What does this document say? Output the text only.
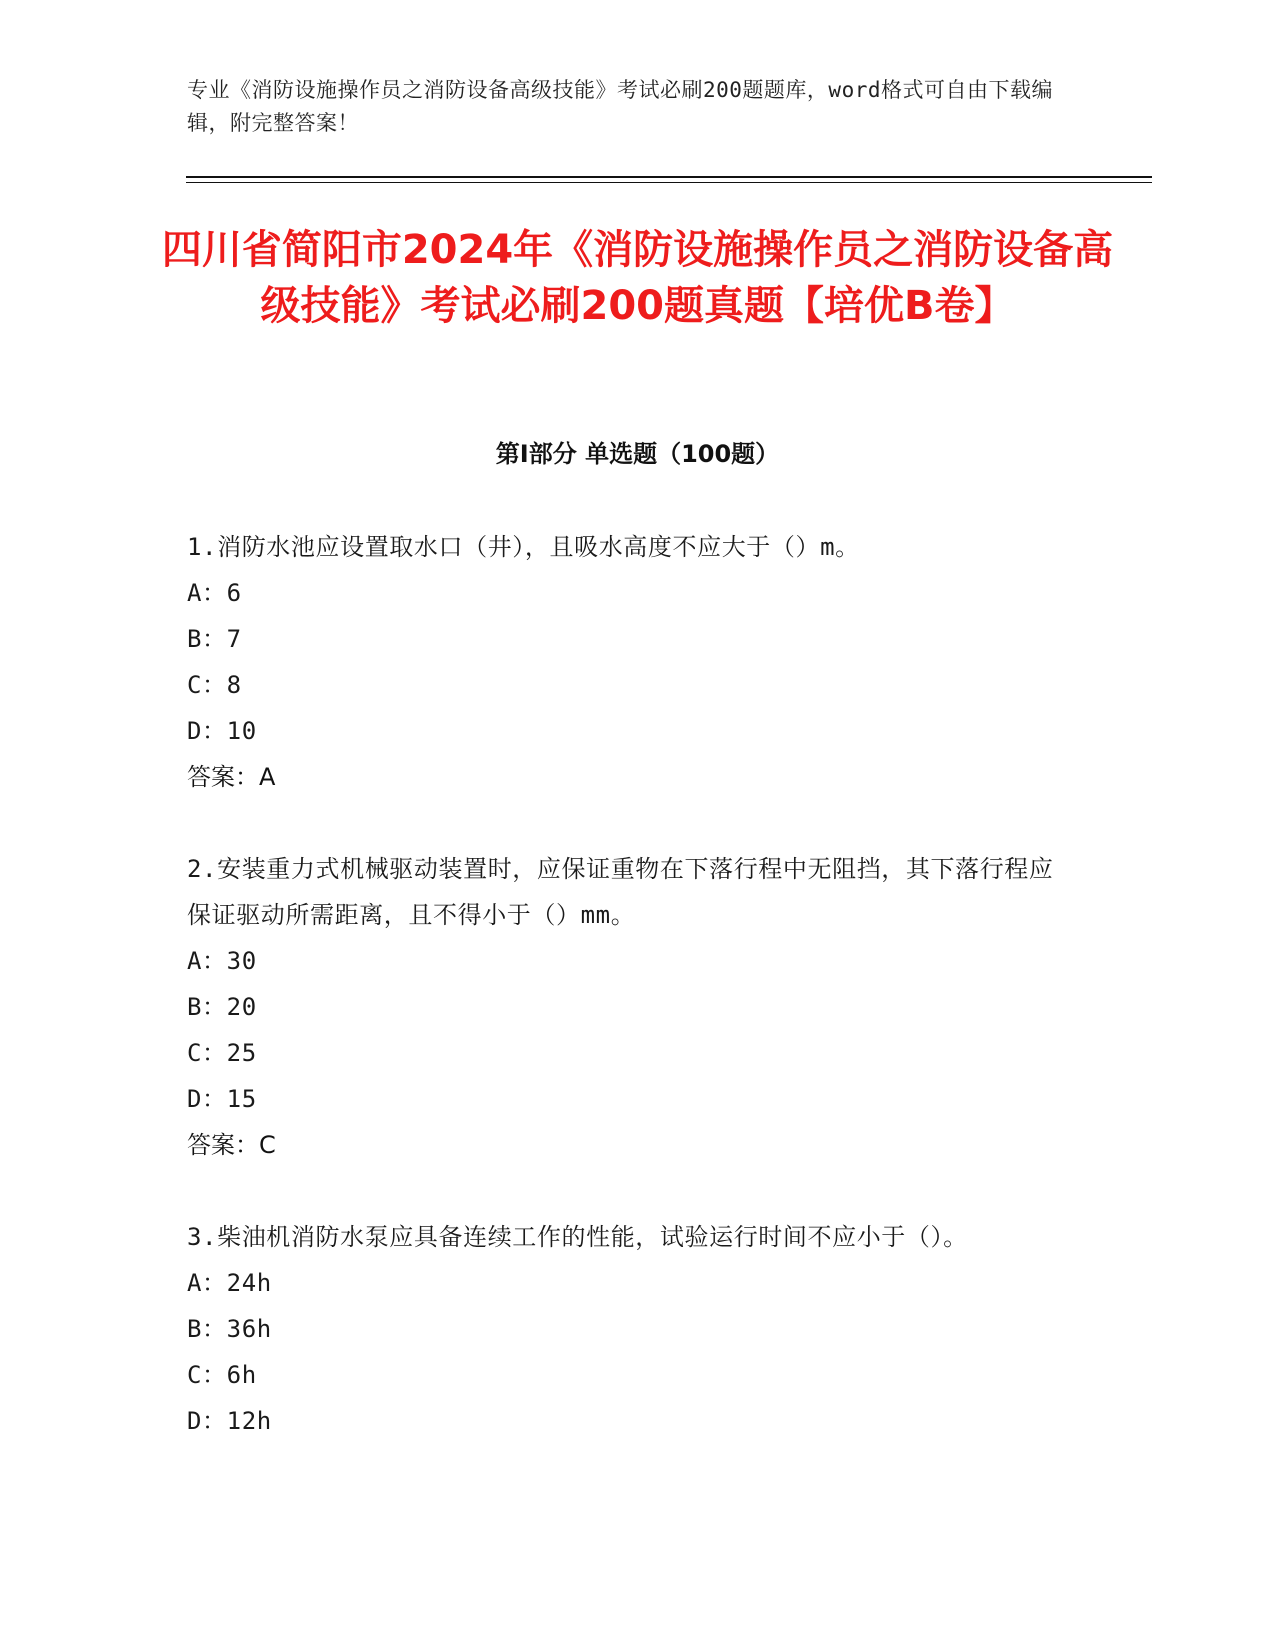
专业《消防设施操作员之消防设备高级技能》考试必刷200题题库，word格式可自由下载编辑，附完整答案！
四川省简阳市2024年《消防设施操作员之消防设备高级技能》考试必刷200题真题【培优B卷】
第Ⅰ部分 单选题（100题）
1.消防水池应设置取水口（井），且吸水高度不应大于（）m。
A：6
B：7
C：8
D：10
答案：A
2.安装重力式机械驱动装置时，应保证重物在下落行程中无阻挡，其下落行程应保证驱动所需距离，且不得小于（）mm。
A：30
B：20
C：25
D：15
答案：C
3.柴油机消防水泵应具备连续工作的性能，试验运行时间不应小于（）。
A：24h
B：36h
C：6h
D：12h
